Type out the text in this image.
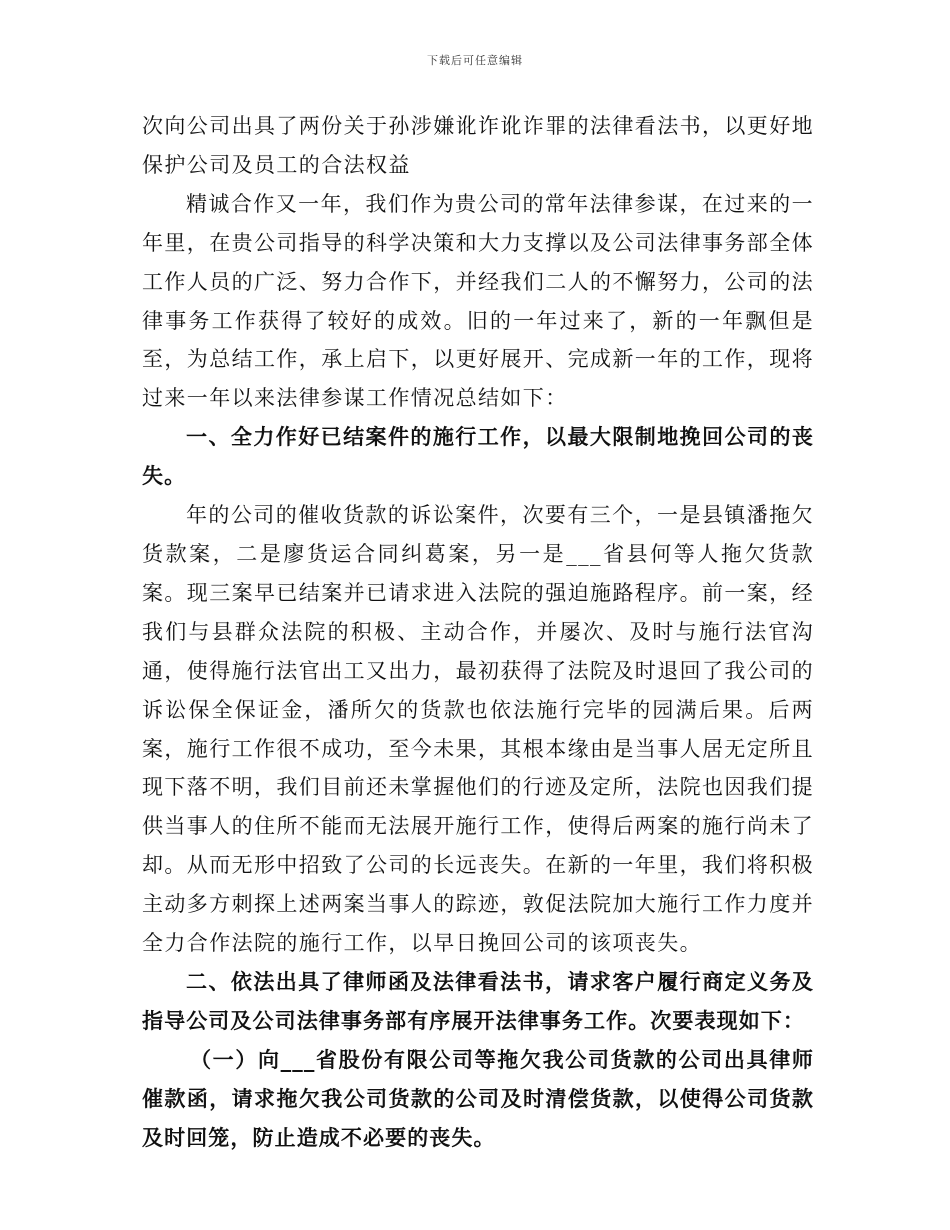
下载后可任意编辑

次向公司出具了两份关于孙涉嫌讹诈讹诈罪的法律看法书，以更好地保护公司及员工的合法权益

精诚合作又一年，我们作为贵公司的常年法律参谋，在过来的一年里，在贵公司指导的科学决策和大力支撑以及公司法律事务部全体工作人员的广泛、努力合作下，并经我们二人的不懈努力，公司的法律事务工作获得了较好的成效。旧的一年过来了，新的一年飘但是至，为总结工作，承上启下，以更好展开、完成新一年的工作，现将过来一年以来法律参谋工作情况总结如下：

一、全力作好已结案件的施行工作，以最大限制地挽回公司的丧失。

年的公司的催收货款的诉讼案件，次要有三个，一是县镇潘拖欠货款案，二是廖货运合同纠葛案，另一是___省县何等人拖欠货款案。现三案早已结案并已请求进入法院的强迫施路程序。前一案，经我们与县群众法院的积极、主动合作，并屡次、及时与施行法官沟通，使得施行法官出工又出力，最初获得了法院及时退回了我公司的诉讼保全保证金，潘所欠的货款也依法施行完毕的园满后果。后两案，施行工作很不成功，至今未果，其根本缘由是当事人居无定所且现下落不明，我们目前还未掌握他们的行迹及定所，法院也因我们提供当事人的住所不能而无法展开施行工作，使得后两案的施行尚未了却。从而无形中招致了公司的长远丧失。在新的一年里，我们将积极主动多方刺探上述两案当事人的踪迹，敦促法院加大施行工作力度并全力合作法院的施行工作，以早日挽回公司的该项丧失。

二、依法出具了律师函及法律看法书，请求客户履行商定义务及指导公司及公司法律事务部有序展开法律事务工作。次要表现如下：

（一）向___省股份有限公司等拖欠我公司货款的公司出具律师催款函，请求拖欠我公司货款的公司及时清偿货款，以使得公司货款及时回笼，防止造成不必要的丧失。
